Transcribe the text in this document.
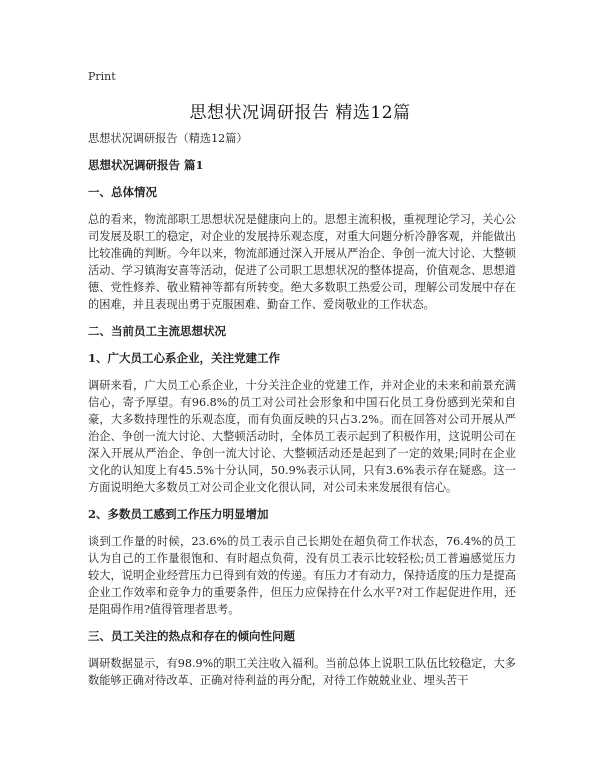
Print
思想状况调研报告 精选12篇
思想状况调研报告（精选12篇）
思想状况调研报告 篇1
一、总体情况
总的看来，物流部职工思想状况是健康向上的。思想主流积极，重视理论学习，关心公司发展及职工的稳定，对企业的发展持乐观态度，对重大问题分析冷静客观，并能做出比较准确的判断。今年以来，物流部通过深入开展从严治企、争创一流大讨论、大整顿活动、学习镇海安喜等活动，促进了公司职工思想状况的整体提高，价值观念、思想道德、党性修养、敬业精神等都有所转变。绝大多数职工热爱公司，理解公司发展中存在的困难，并且表现出勇于克服困难、勤奋工作、爱岗敬业的工作状态。
二、当前员工主流思想状况
1、广大员工心系企业，关注党建工作
调研来看，广大员工心系企业，十分关注企业的党建工作，并对企业的未来和前景充满信心，寄予厚望。有96.8%的员工对公司社会形象和中国石化员工身份感到光荣和自豪，大多数持理性的乐观态度，而有负面反映的只占3.2%。而在回答对公司开展从严治企、争创一流大讨论、大整顿活动时，全体员工表示起到了积极作用，这说明公司在深入开展从严治企、争创一流大讨论、大整顿活动还是起到了一定的效果;同时在企业文化的认知度上有45.5%十分认同，50.9%表示认同，只有3.6%表示存在疑惑。这一方面说明绝大多数员工对公司企业文化很认同，对公司未来发展很有信心。
2、多数员工感到工作压力明显增加
谈到工作量的时候，23.6%的员工表示自己长期处在超负荷工作状态，76.4%的员工认为自己的工作量很饱和、有时超点负荷，没有员工表示比较轻松;员工普遍感觉压力较大，说明企业经营压力已得到有效的传递。有压力才有动力，保持适度的压力是提高企业工作效率和竞争力的重要条件，但压力应保持在什么水平?对工作起促进作用，还是阻碍作用?值得管理者思考。
三、员工关注的热点和存在的倾向性问题
调研数据显示，有98.9%的职工关注收入福利。当前总体上说职工队伍比较稳定，大多数能够正确对待改革、正确对待利益的再分配，对待工作兢兢业业、埋头苦干
